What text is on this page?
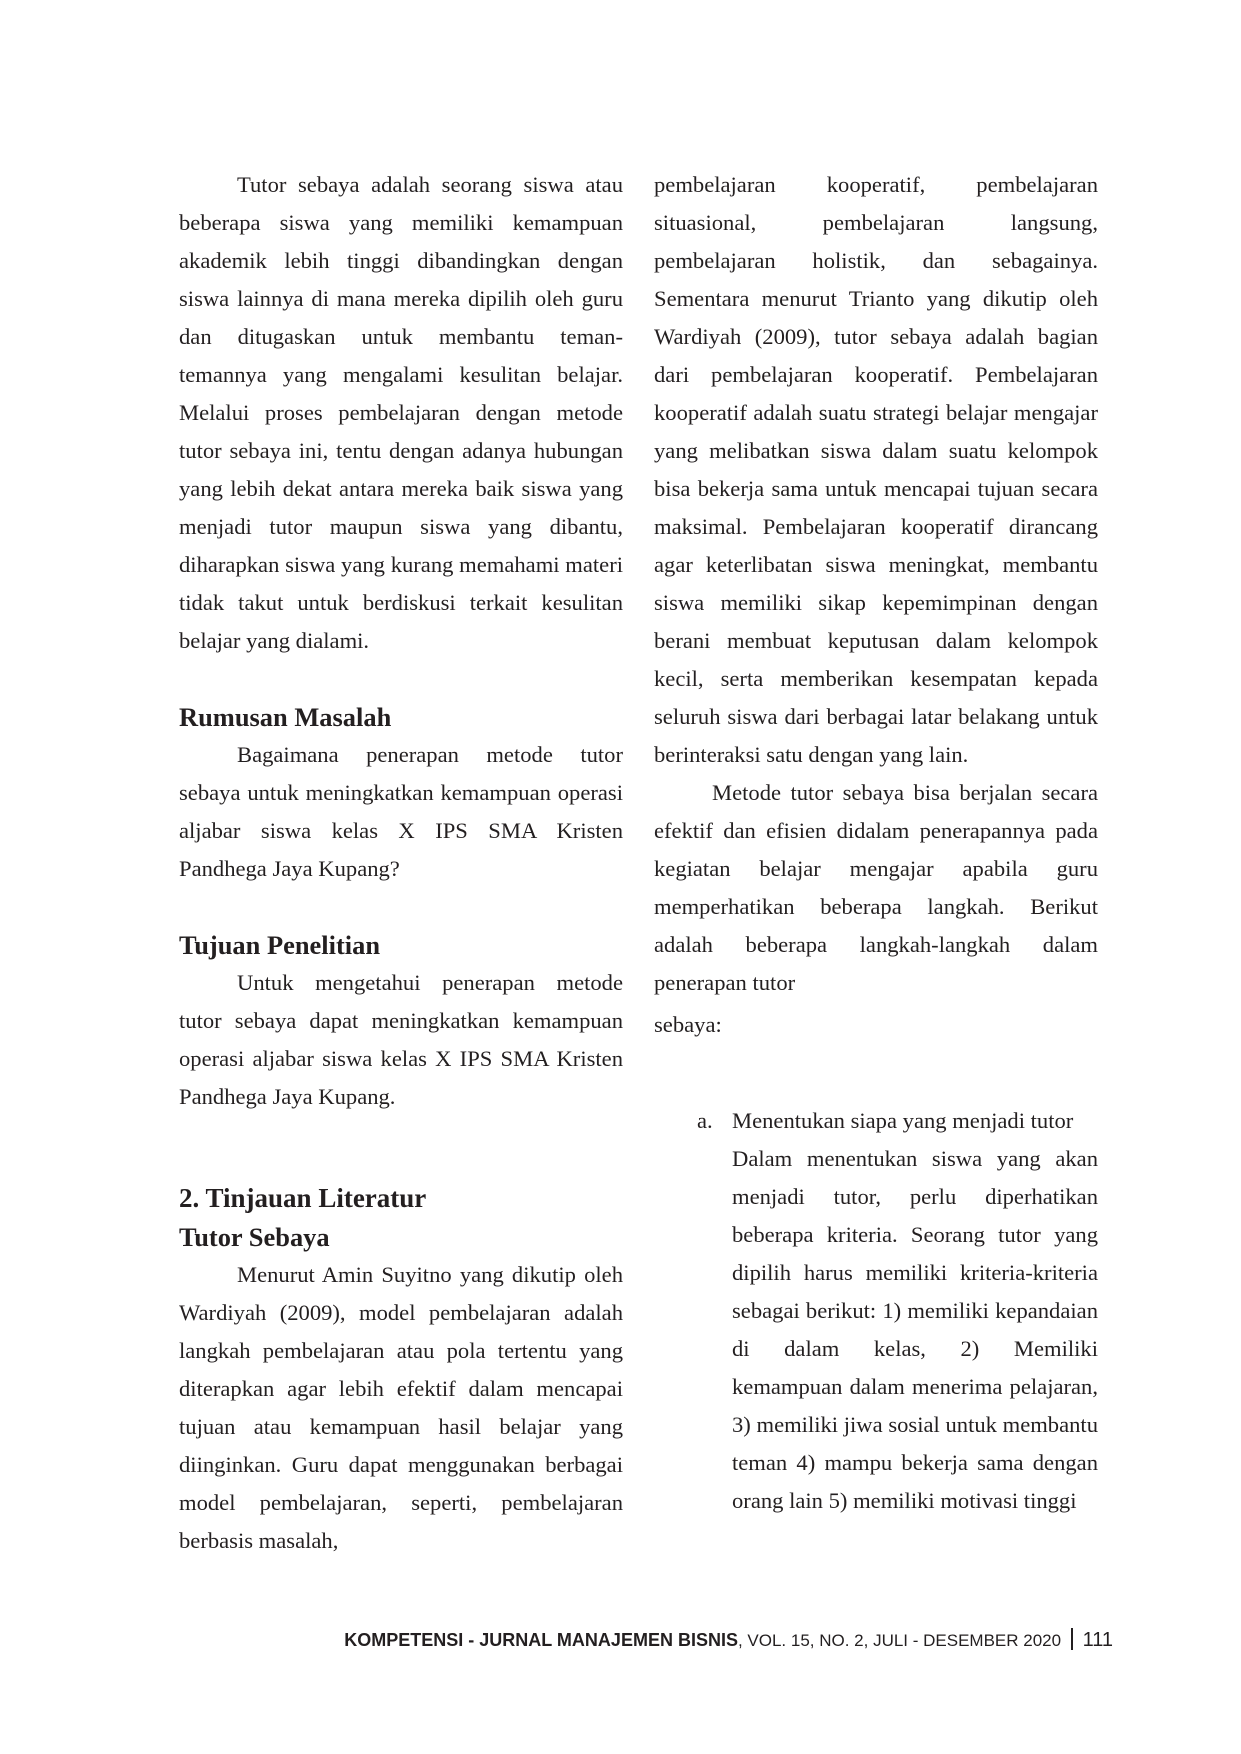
Tutor sebaya adalah seorang siswa atau beberapa siswa yang memiliki kemampuan akademik lebih tinggi dibandingkan dengan siswa lainnya di mana mereka dipilih oleh guru dan ditugaskan untuk membantu teman-temannya yang mengalami kesulitan belajar. Melalui proses pembelajaran dengan metode tutor sebaya ini, tentu dengan adanya hubungan yang lebih dekat antara mereka baik siswa yang menjadi tutor maupun siswa yang dibantu, diharapkan siswa yang kurang memahami materi tidak takut untuk berdiskusi terkait kesulitan belajar yang dialami.

Rumusan Masalah

Bagaimana penerapan metode tutor sebaya untuk meningkatkan kemampuan operasi aljabar siswa kelas X IPS SMA Kristen Pandhega Jaya Kupang?

Tujuan Penelitian

Untuk mengetahui penerapan metode tutor sebaya dapat meningkatkan kemampuan operasi aljabar siswa kelas X IPS SMA Kristen Pandhega Jaya Kupang.

2. Tinjauan Literatur
Tutor Sebaya

Menurut Amin Suyitno yang dikutip oleh Wardiyah (2009), model pembelajaran adalah langkah pembelajaran atau pola tertentu yang diterapkan agar lebih efektif dalam mencapai tujuan atau kemampuan hasil belajar yang diinginkan. Guru dapat menggunakan berbagai model pembelajaran, seperti, pembelajaran berbasis masalah,

pembelajaran kooperatif, pembelajaran situasional, pembelajaran langsung, pembelajaran holistik, dan sebagainya. Sementara menurut Trianto yang dikutip oleh Wardiyah (2009), tutor sebaya adalah bagian dari pembelajaran kooperatif. Pembelajaran kooperatif adalah suatu strategi belajar mengajar yang melibatkan siswa dalam suatu kelompok bisa bekerja sama untuk mencapai tujuan secara maksimal. Pembelajaran kooperatif dirancang agar keterlibatan siswa meningkat, membantu siswa memiliki sikap kepemimpinan dengan berani membuat keputusan dalam kelompok kecil, serta memberikan kesempatan kepada seluruh siswa dari berbagai latar belakang untuk berinteraksi satu dengan yang lain.

Metode tutor sebaya bisa berjalan secara efektif dan efisien didalam penerapannya pada kegiatan belajar mengajar apabila guru memperhatikan beberapa langkah. Berikut adalah beberapa langkah-langkah dalam penerapan tutor

sebaya:

a. Menentukan siapa yang menjadi tutor
Dalam menentukan siswa yang akan menjadi tutor, perlu diperhatikan beberapa kriteria. Seorang tutor yang dipilih harus memiliki kriteria-kriteria sebagai berikut: 1) memiliki kepandaian di dalam kelas, 2) Memiliki kemampuan dalam menerima pelajaran, 3) memiliki jiwa sosial untuk membantu teman 4) mampu bekerja sama dengan orang lain 5) memiliki motivasi tinggi
KOMPETENSI - JURNAL MANAJEMEN BISNIS, VOL. 15, NO. 2, JULI - DESEMBER 2020 111
